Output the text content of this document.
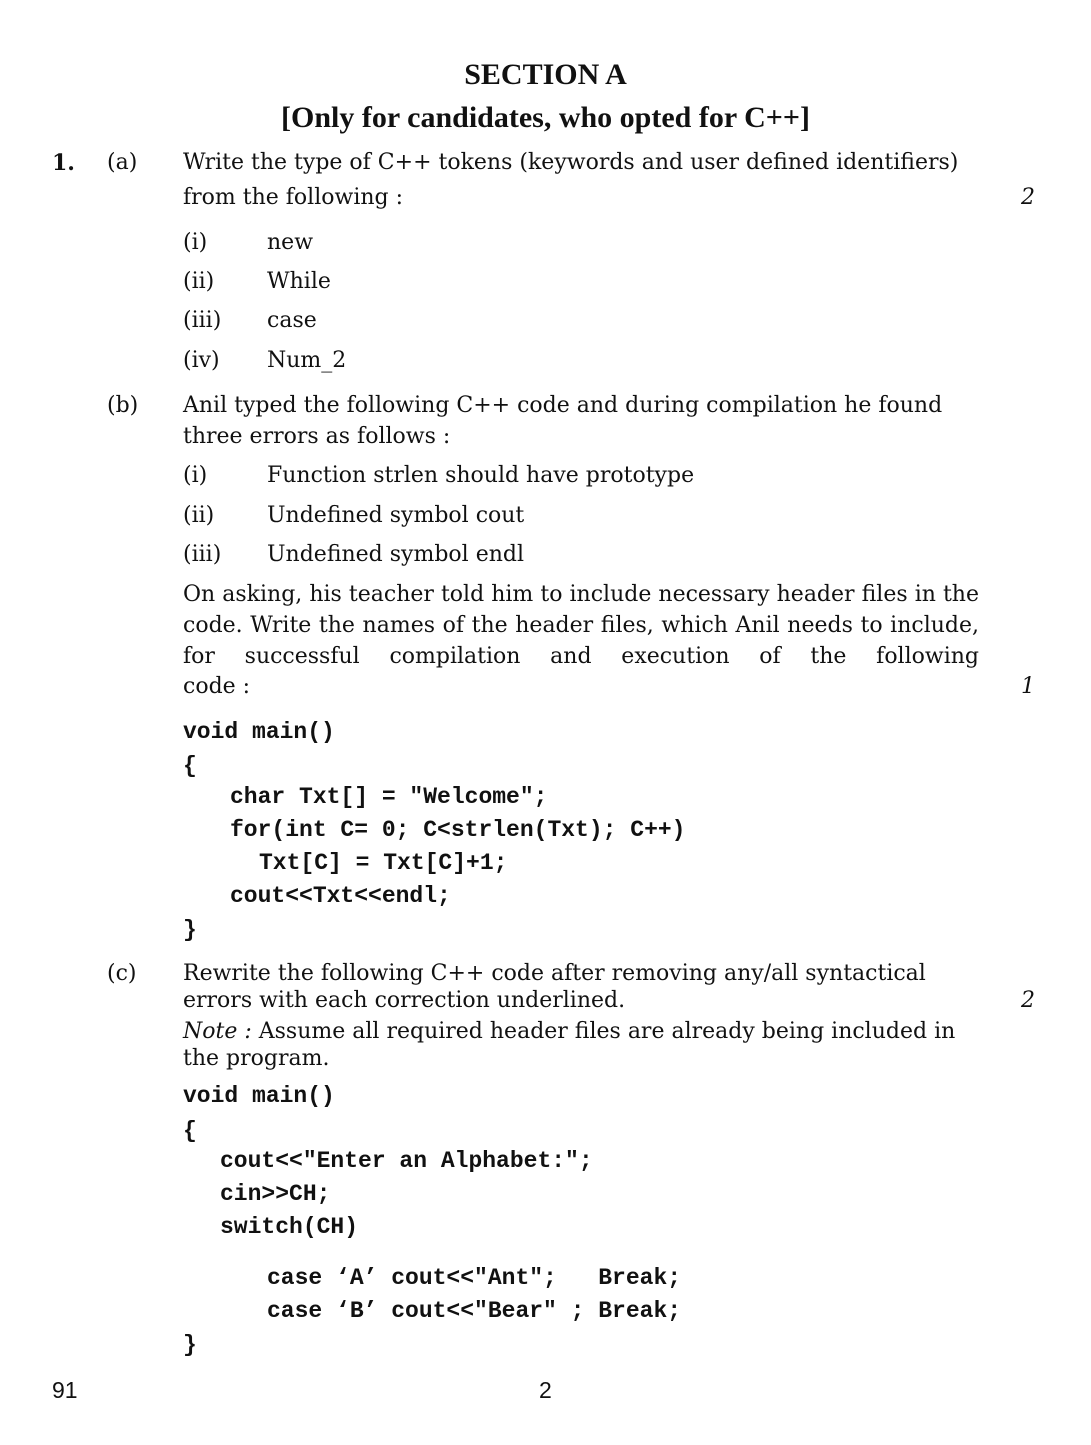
SECTION A
[Only for candidates, who opted for C++]
1. (a) Write the type of C++ tokens (keywords and user defined identifiers)
from the following :	2
(i)	new
(ii) While
(iii) case
(iv) Num_2
(b) Anil typed the following C++ code and during compilation he found
three errors as follows :
(i)	Function strlen should have prototype
(ii) Undefined symbol cout
(iii) Undefined symbol endl
On asking, his teacher told him to include necessary header files in the code. Write the names of the header files, which Anil needs to include, for successful compilation and execution of the following
code :	1
void main()
{
char Txt[] = "Welcome";
for(int C= 0; C<strlen(Txt); C++)
Txt[C] = Txt[C]+1;
cout<<Txt<<endl;
}
(c) Rewrite the following C++ code after removing any/all syntactical
errors with each correction underlined.	2
Note : Assume all required header files are already being included in
the program.
void main()
{
cout<<"Enter an Alphabet:";
cin>>CH;
switch(CH)
case ‘A’ cout<<"Ant";   Break;
case ‘B’ cout<<"Bear" ; Break;
}
91	2
